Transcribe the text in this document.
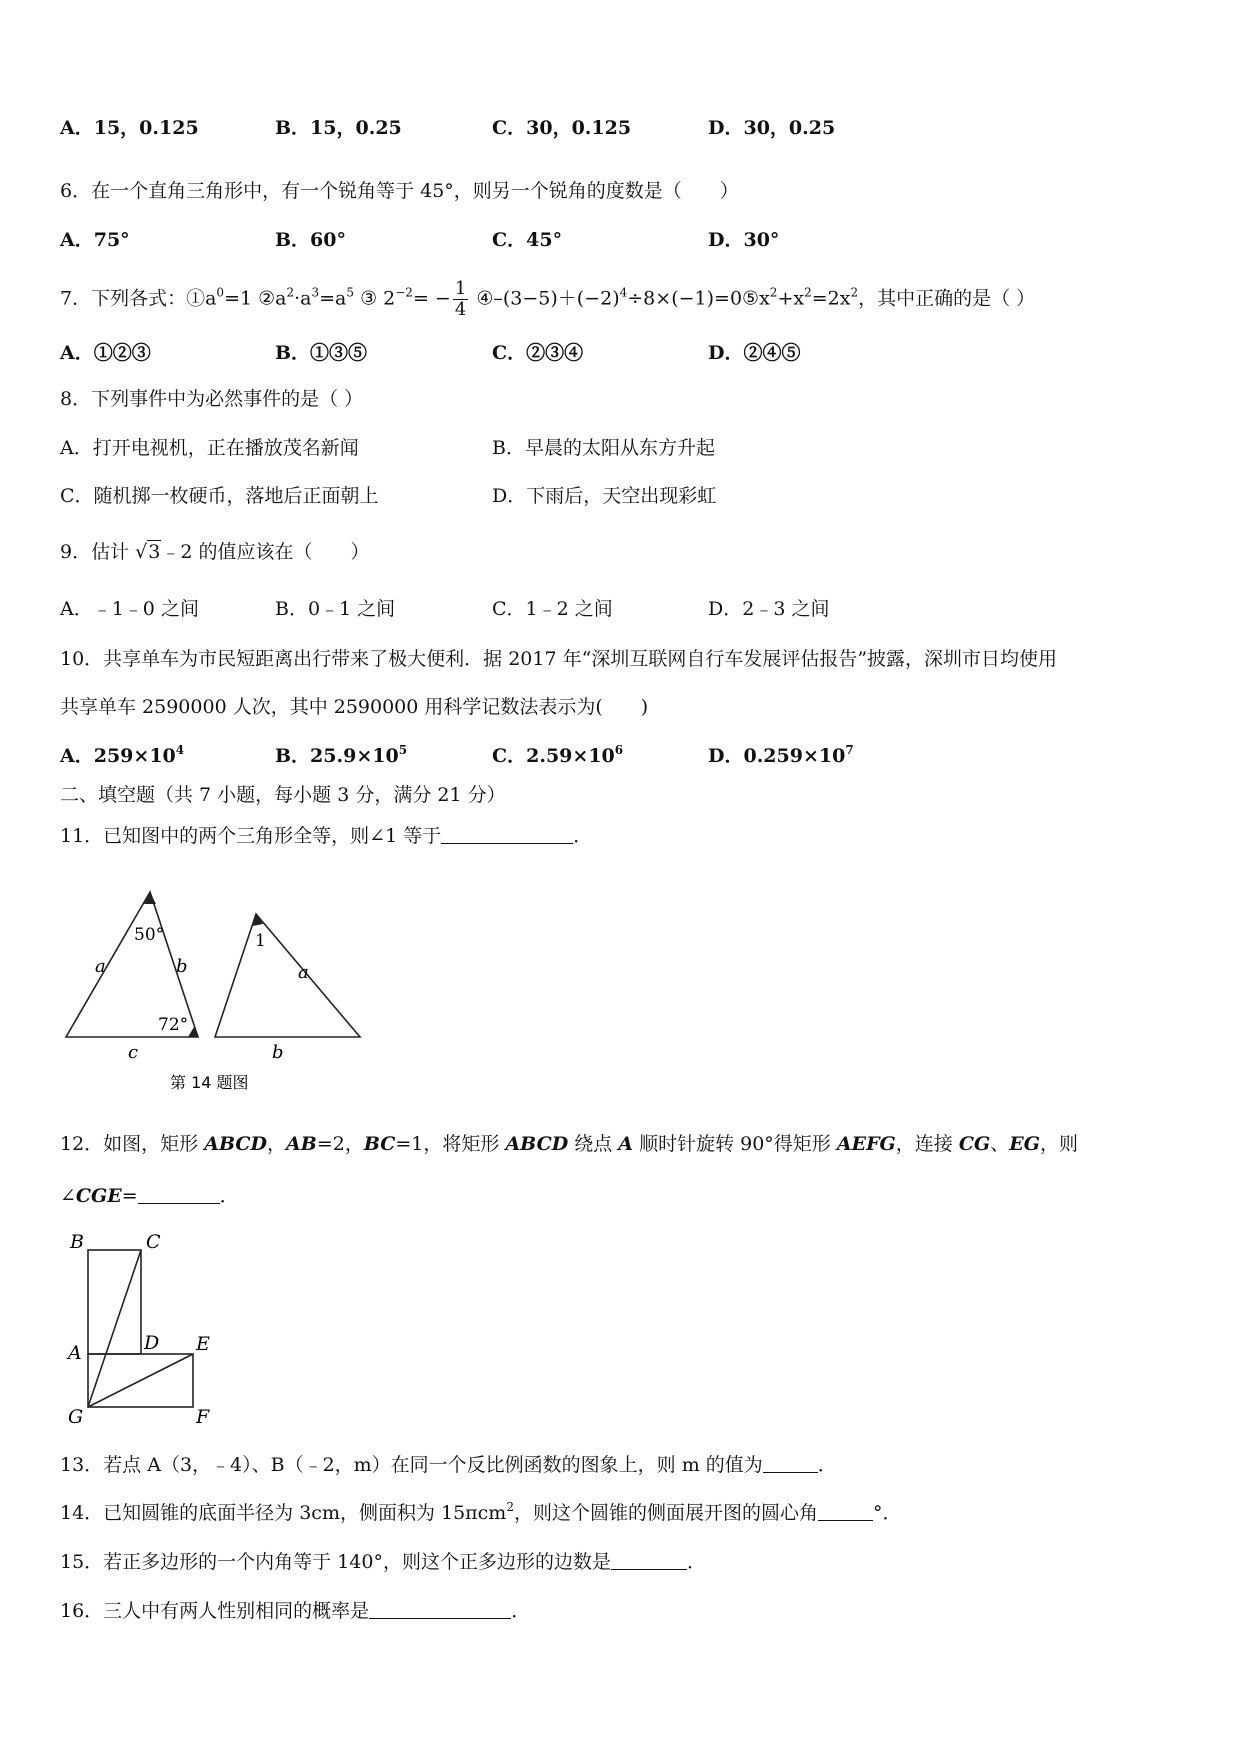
A．15，0.125	B．15，0.25	C．30，0.125	D．30，0.25
6．在一个直角三角形中，有一个锐角等于 45°，则另一个锐角的度数是（　　）
A．75°	B．60°	C．45°	D．30°
7．下列各式：$①a^0=1$ $②a^2\cdot a^3=a^5$ ③ $2^{-2}= - \frac{1}{4}$ $④-(3-5)+(-2)^4\div 8\times(-1)=0⑤x^2+x^2=2x^2$，其中正确的是（ ）
A．①②③	B．①③⑤	C．②③④	D．②④⑤
8．下列事件中为必然事件的是（ ）
A．打开电视机，正在播放茂名新闻	B．早晨的太阳从东方升起
C．随机掷一枚硬币，落地后正面朝上	D．下雨后，天空出现彩虹
9．估计 √3﹣2 的值应该在（　　）
A．﹣1﹣0 之间	B．0﹣1 之间	C．1﹣2 之间	D．2﹣3 之间
10．共享单车为市民短距离出行带来了极大便利．据 2017 年“深圳互联网自行车发展评估报告”披露，深圳市日均使用
共享单车 2590000 人次，其中 2590000 用科学记数法表示为(　　)
A．$259\times 10^4$	B．$25.9\times 10^5$	C．$2.59\times 10^6$	D．$0.259\times 10^7$
二、填空题（共 7 小题，每小题 3 分，满分 21 分）
11．已知图中的两个三角形全等，则∠1 等于	．
50°
a	b
72°
c
1
a
b
第 14 题图
12．如图，矩形 ABCD，AB=2，BC=1，将矩形 ABCD 绕点 A 顺时针旋转 90°得矩形 AEFG，连接 CG、EG，则
∠CGE=	．
B	C
A	D E
G	F
13．若点 A（3，﹣4）、B（﹣2，m）在同一个反比例函数的图象上，则 m 的值为	．
14．已知圆锥的底面半径为 3cm，侧面积为 15πcm$^2$，则这个圆锥的侧面展开图的圆心角	°．
15．若正多边形的一个内角等于 140°，则这个正多边形的边数是	．
16．三人中有两人性别相同的概率是	．
